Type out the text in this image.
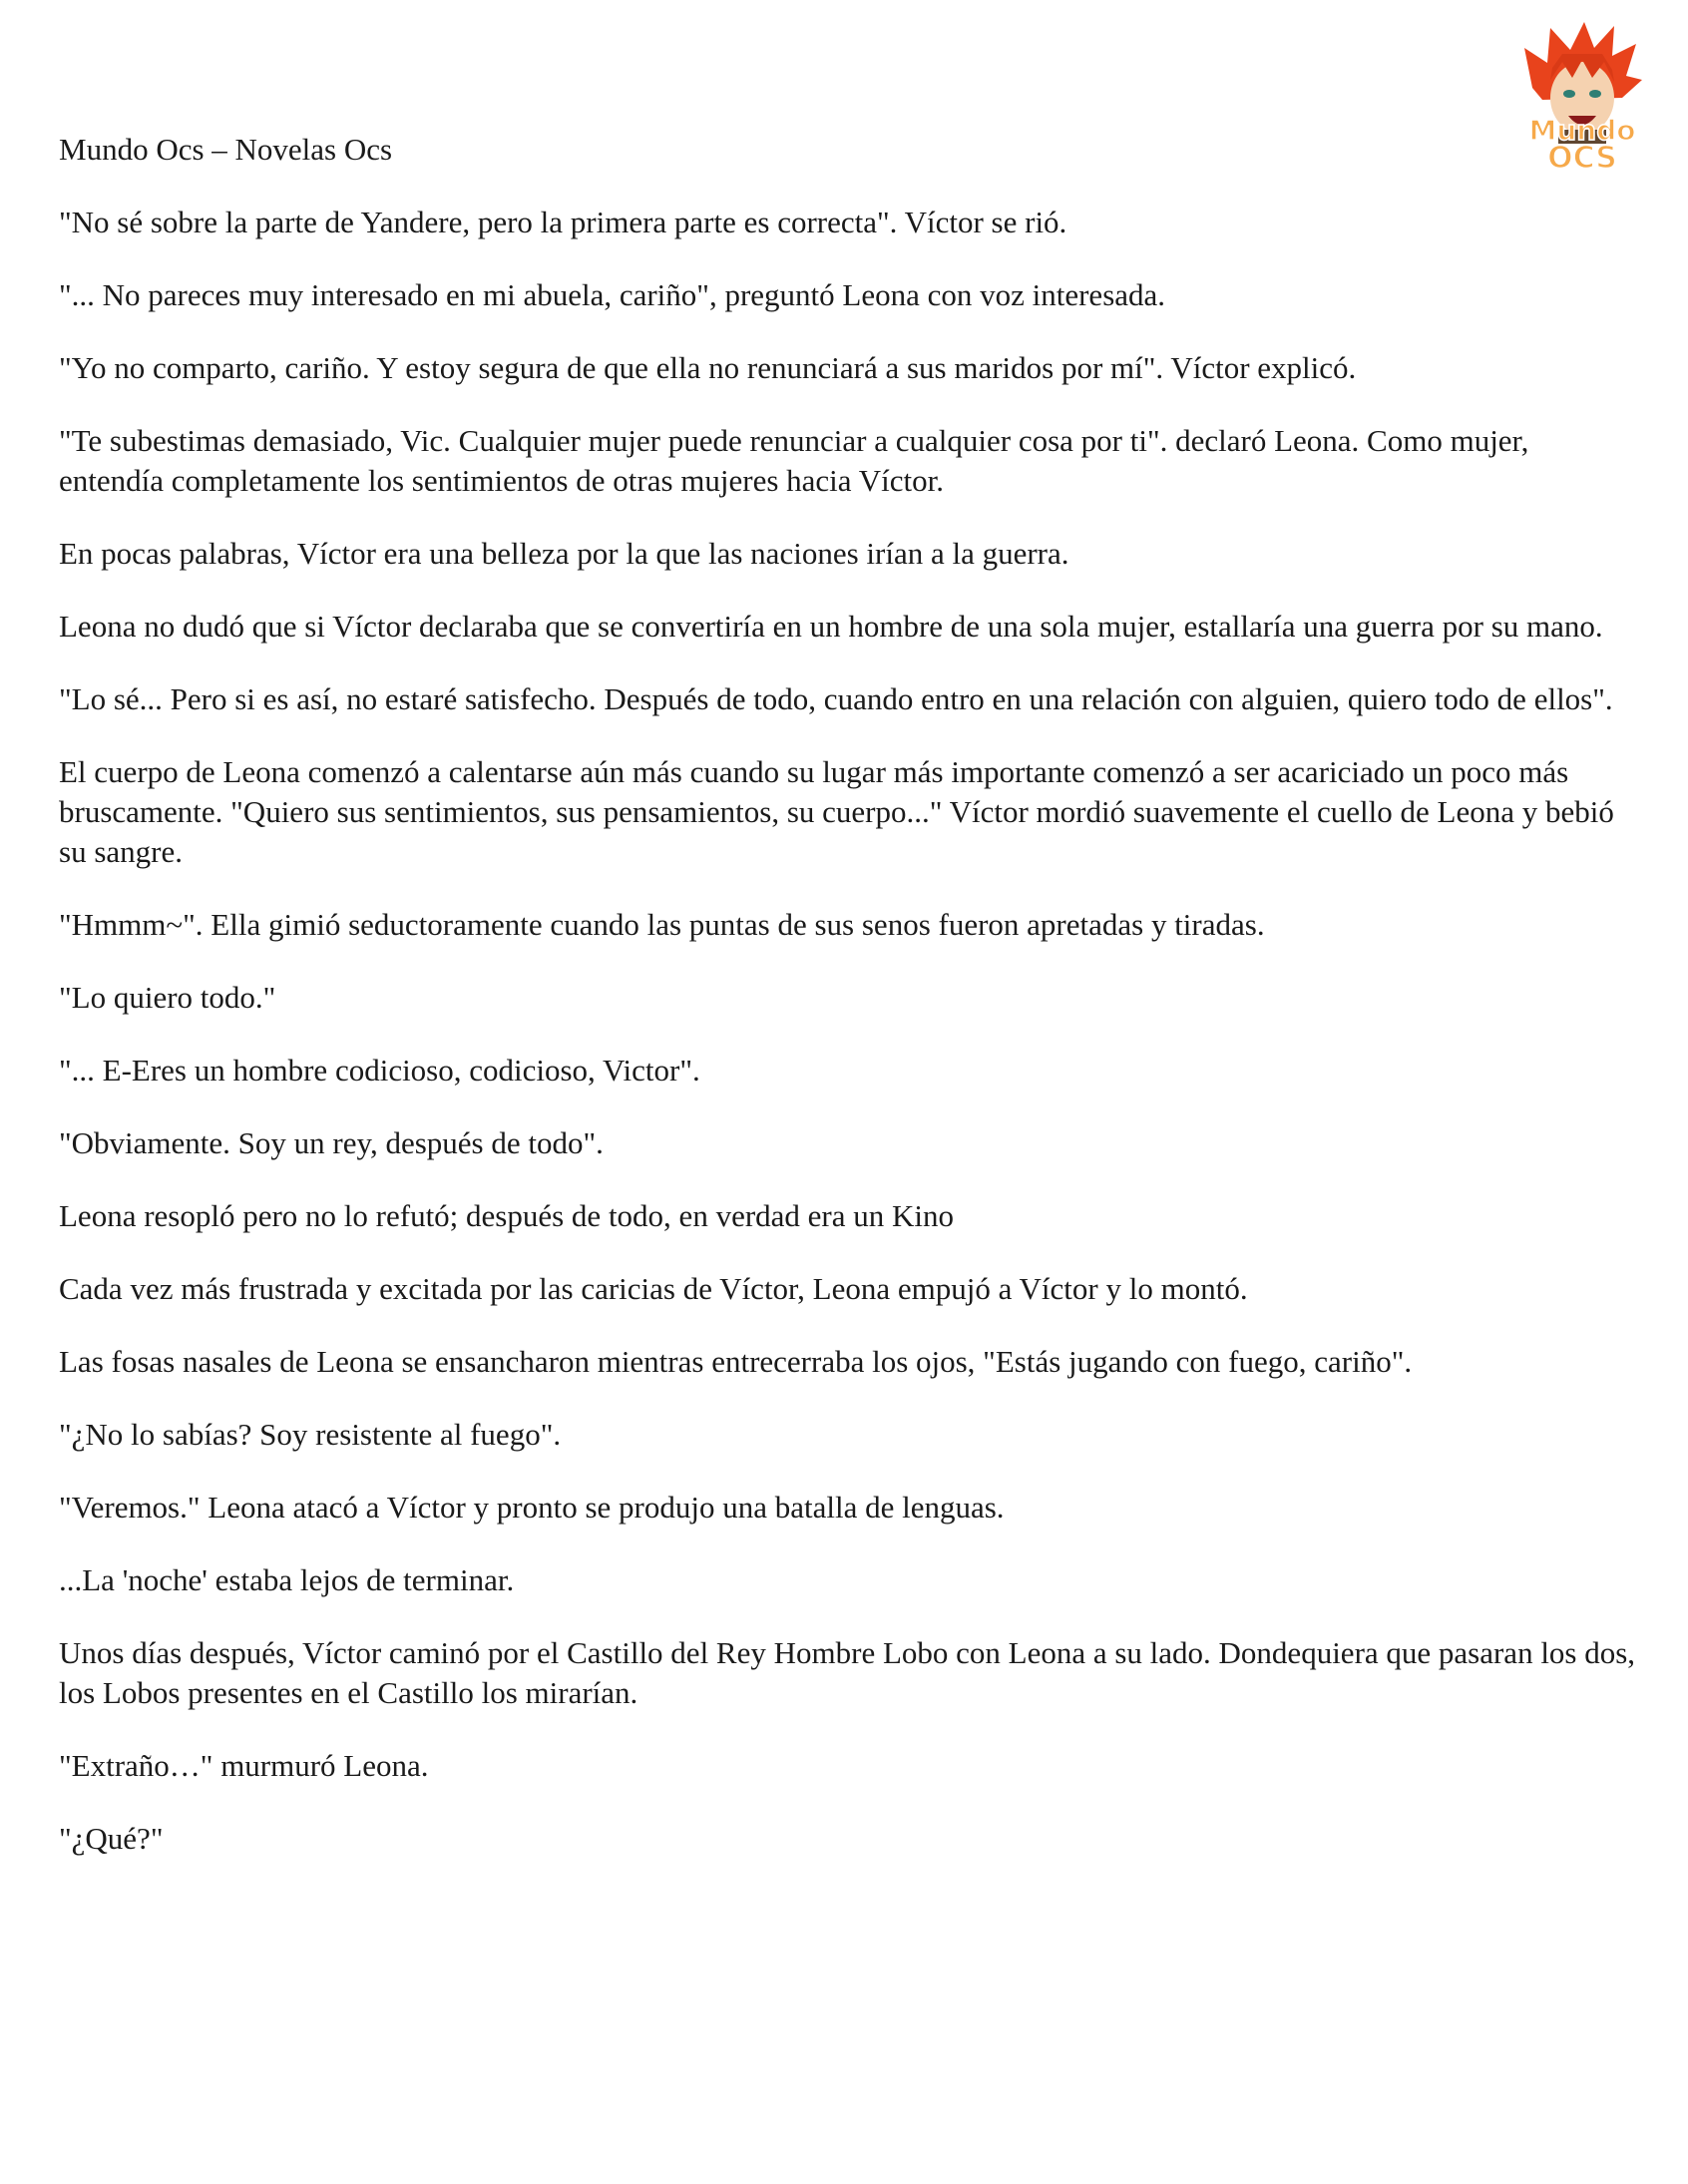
Mundo Ocs – Novelas Ocs
Mundo
OCS

"No sé sobre la parte de Yandere, pero la primera parte es correcta". Víctor se rió.

"... No pareces muy interesado en mi abuela, cariño", preguntó Leona con voz interesada.

"Yo no comparto, cariño. Y estoy segura de que ella no renunciará a sus maridos por mí". Víctor explicó.

"Te subestimas demasiado, Vic. Cualquier mujer puede renunciar a cualquier cosa por ti". declaró Leona. Como mujer, entendía completamente los sentimientos de otras mujeres hacia Víctor.

En pocas palabras, Víctor era una belleza por la que las naciones irían a la guerra.

Leona no dudó que si Víctor declaraba que se convertiría en un hombre de una sola mujer, estallaría una guerra por su mano.

"Lo sé... Pero si es así, no estaré satisfecho. Después de todo, cuando entro en una relación con alguien, quiero todo de ellos".

El cuerpo de Leona comenzó a calentarse aún más cuando su lugar más importante comenzó a ser acariciado un poco más bruscamente. "Quiero sus sentimientos, sus pensamientos, su cuerpo..." Víctor mordió suavemente el cuello de Leona y bebió su sangre.

"Hmmm~". Ella gimió seductoramente cuando las puntas de sus senos fueron apretadas y tiradas.

"Lo quiero todo."

"... E-Eres un hombre codicioso, codicioso, Victor".

"Obviamente. Soy un rey, después de todo".

Leona resopló pero no lo refutó; después de todo, en verdad era un Kino

Cada vez más frustrada y excitada por las caricias de Víctor, Leona empujó a Víctor y lo montó.

Las fosas nasales de Leona se ensancharon mientras entrecerraba los ojos, "Estás jugando con fuego, cariño".

"¿No lo sabías? Soy resistente al fuego".

"Veremos." Leona atacó a Víctor y pronto se produjo una batalla de lenguas.

...La 'noche' estaba lejos de terminar.

Unos días después, Víctor caminó por el Castillo del Rey Hombre Lobo con Leona a su lado. Dondequiera que pasaran los dos, los Lobos presentes en el Castillo los mirarían.

"Extraño…" murmuró Leona.

"¿Qué?"
